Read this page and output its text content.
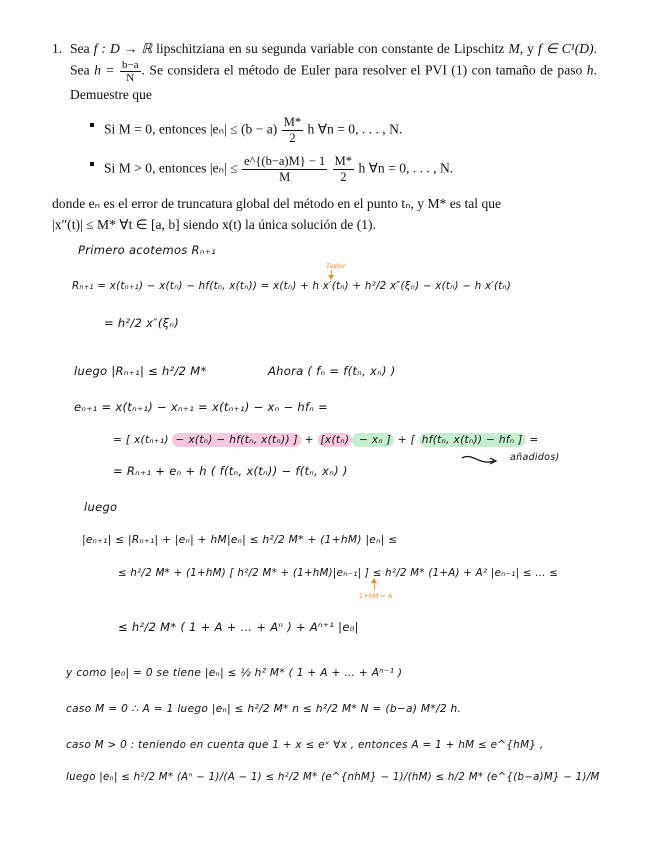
1. Sea f : D → ℝ lipschitziana en su segunda variable con constante de Lipschitz M, y f ∈ C¹(D). Sea $h = \frac{b-a}{N}$ . Se considera el método de Euler para resolver el PVI (1) con tamaño de paso h. Demuestre que

Si M = 0, entonces $|e_n| \le (b - a) \frac{M*}{2}$ h ∀n = 0, . . . , N.
Si M > 0, entonces $|e_n| \le \frac{e\^{}\{(b-a)M\} - 1}{M}$
$\frac{M*}{2}$ h ∀n = 0, . . . , N.

donde eₙ es el error de truncatura global del método en el punto tₙ, y M* es tal que
|x″(t)| ≤ M* ∀t ∈ [a, b] siendo x(t) la única solución de (1).

Primero acotemos Rₙ₊₁
Taylor
Rₙ₊₁ = x(tₙ₊₁) − x(tₙ) − hf(tₙ, x(tₙ)) = x(tₙ) + h x′(tₙ) + h²/2 x″(ξₙ) − x(tₙ) − h x′(tₙ)
= h²/2 x″(ξₙ)
luego |Rₙ₊₁| ≤ h²/2 M*	Ahora ( fₙ = f(tₙ, xₙ) )
eₙ₊₁ = x(tₙ₊₁) − xₙ₊₁ = x(tₙ₊₁) − xₙ − hfₙ =
= [ x(tₙ₊₁) − x(tₙ) − hf(tₙ, x(tₙ)) ] + [x(tₙ) − xₙ ] + [ hf(tₙ, x(tₙ)) − hfₙ ] =
añadidos)
= Rₙ₊₁ + eₙ + h ( f(tₙ, x(tₙ)) − f(tₙ, xₙ) )
luego
|eₙ₊₁| ≤ |Rₙ₊₁| + |eₙ| + hM|eₙ| ≤ h²/2 M* + (1+hM) |eₙ| ≤
≤ h²/2 M* + (1+hM) [ h²/2 M* + (1+hM)|eₙ₋₁| ] ≤ h²/2 M* (1+A) + A² |eₙ₋₁| ≤ … ≤
1+hM = A
≤ h²/2 M* ( 1 + A + … + Aⁿ ) + Aⁿ⁺¹ |e₀|
y como |e₀| = 0 se tiene |eₙ| ≤ ½ h² M* ( 1 + A + … + Aⁿ⁻¹ )
caso M = 0 ∴ A = 1 luego |eₙ| ≤ h²/2 M* n ≤ h²/2 M* N = (b−a) M*/2 h.
caso M > 0 : teniendo en cuenta que 1 + x ≤ eˣ ∀x , entonces A = 1 + hM ≤ e^{hM} ,
luego |eₙ| ≤ h²/2 M* (Aⁿ − 1)/(A − 1) ≤ h²/2 M* (e^{nhM} − 1)/(hM) ≤ h/2 M* (e^{(b−a)M} − 1)/M
